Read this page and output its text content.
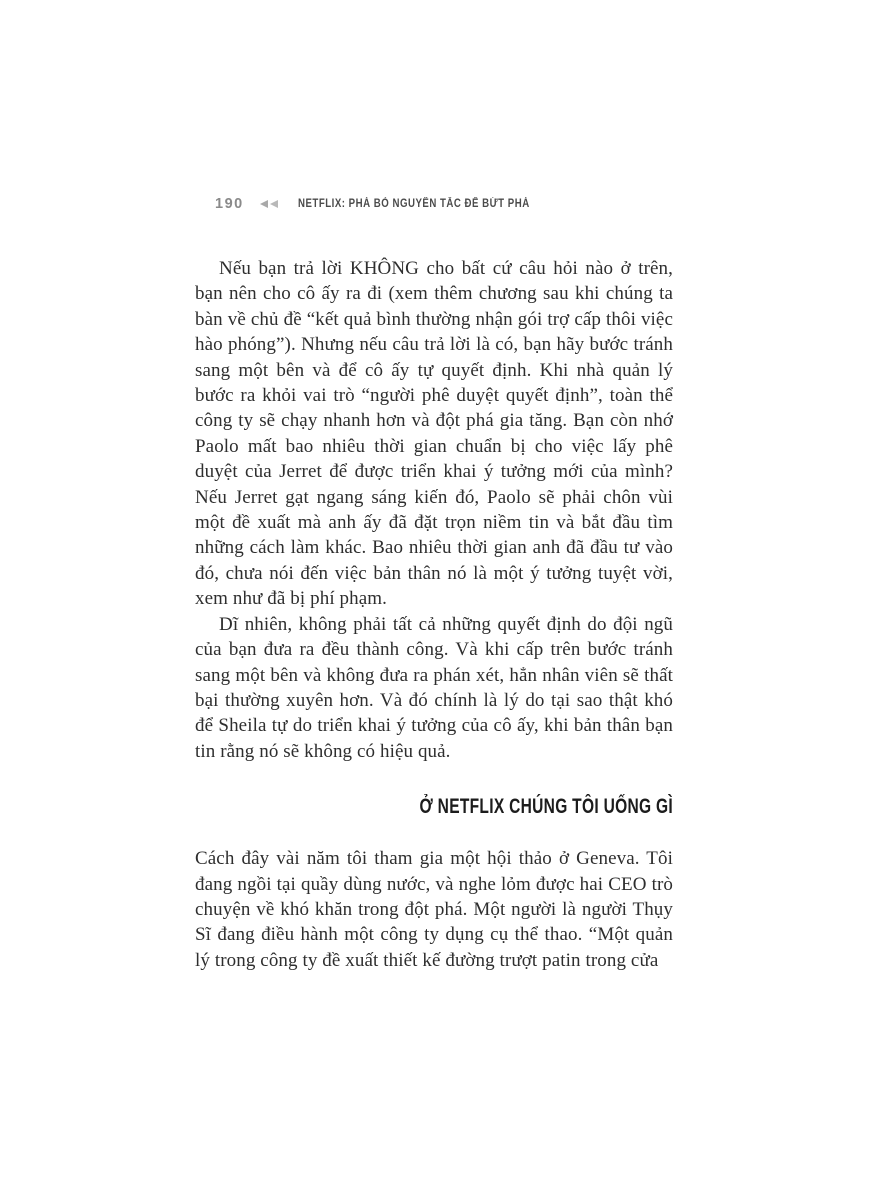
190	NETFLIX: PHÁ BỎ NGUYÊN TẮC ĐỂ BỨT PHÁ

Nếu bạn trả lời KHÔNG cho bất cứ câu hỏi nào ở trên, bạn nên cho cô ấy ra đi (xem thêm chương sau khi chúng ta bàn về chủ đề “kết quả bình thường nhận gói trợ cấp thôi việc hào phóng”). Nhưng nếu câu trả lời là có, bạn hãy bước tránh sang một bên và để cô ấy tự quyết định. Khi nhà quản lý bước ra khỏi vai trò “người phê duyệt quyết định”, toàn thể công ty sẽ chạy nhanh hơn và đột phá gia tăng. Bạn còn nhớ Paolo mất bao nhiêu thời gian chuẩn bị cho việc lấy phê duyệt của Jerret để được triển khai ý tưởng mới của mình? Nếu Jerret gạt ngang sáng kiến đó, Paolo sẽ phải chôn vùi một đề xuất mà anh ấy đã đặt trọn niềm tin và bắt đầu tìm những cách làm khác. Bao nhiêu thời gian anh đã đầu tư vào đó, chưa nói đến việc bản thân nó là một ý tưởng tuyệt vời, xem như đã bị phí phạm.

Dĩ nhiên, không phải tất cả những quyết định do đội ngũ của bạn đưa ra đều thành công. Và khi cấp trên bước tránh sang một bên và không đưa ra phán xét, hẳn nhân viên sẽ thất bại thường xuyên hơn. Và đó chính là lý do tại sao thật khó để Sheila tự do triển khai ý tưởng của cô ấy, khi bản thân bạn tin rằng nó sẽ không có hiệu quả.

Ở NETFLIX CHÚNG TÔI UỐNG GÌ

Cách đây vài năm tôi tham gia một hội thảo ở Geneva. Tôi đang ngồi tại quầy dùng nước, và nghe lỏm được hai CEO trò chuyện về khó khăn trong đột phá. Một người là người Thụy Sĩ đang điều hành một công ty dụng cụ thể thao. “Một quản lý trong công ty đề xuất thiết kế đường trượt patin trong cửa
